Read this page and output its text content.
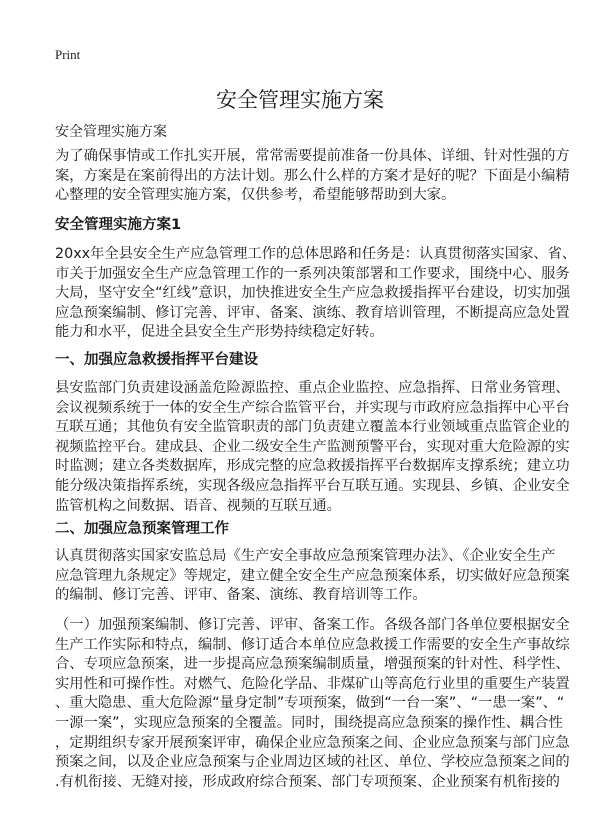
Print
安全管理实施方案
安全管理实施方案
为了确保事情或工作扎实开展，常常需要提前准备一份具体、详细、针对性强的方
案，方案是在案前得出的方法计划。那么什么样的方案才是好的呢？下面是小编精
心整理的安全管理实施方案，仅供参考，希望能够帮助到大家。
安全管理实施方案1
20xx年全县安全生产应急管理工作的总体思路和任务是：认真贯彻落实国家、省、
市关于加强安全生产应急管理工作的一系列决策部署和工作要求，围绕中心、服务
大局，坚守安全“红线”意识，加快推进安全生产应急救援指挥平台建设，切实加强
应急预案编制、修订完善、评审、备案、演练、教育培训管理，不断提高应急处置
能力和水平，促进全县安全生产形势持续稳定好转。
一、加强应急救援指挥平台建设
县安监部门负责建设涵盖危险源监控、重点企业监控、应急指挥、日常业务管理、
会议视频系统于一体的安全生产综合监管平台，并实现与市政府应急指挥中心平台
互联互通；其他负有安全监管职责的部门负责建立覆盖本行业领域重点监管企业的
视频监控平台。建成县、企业二级安全生产监测预警平台，实现对重大危险源的实
时监测；建立各类数据库，形成完整的应急救援指挥平台数据库支撑系统；建立功
能分级决策指挥系统，实现各级应急指挥平台互联互通。实现县、乡镇、企业安全
监管机构之间数据、语音、视频的互联互通。
二、加强应急预案管理工作
认真贯彻落实国家安监总局《生产安全事故应急预案管理办法》、《企业安全生产
应急管理九条规定》等规定，建立健全安全生产应急预案体系，切实做好应急预案
的编制、修订完善、评审、备案、演练、教育培训等工作。
（一）加强预案编制、修订完善、评审、备案工作。各级各部门各单位要根据安全
生产工作实际和特点，编制、修订适合本单位应急救援工作需要的安全生产事故综
合、专项应急预案，进一步提高应急预案编制质量，增强预案的针对性、科学性、
实用性和可操作性。对燃气、危险化学品、非煤矿山等高危行业里的重要生产装置
、重大隐患、重大危险源“量身定制”专项预案，做到“一台一案”、“一患一案”、“
一源一案”，实现应急预案的全覆盖。同时，围绕提高应急预案的操作性、耦合性
，定期组织专家开展预案评审，确保企业应急预案之间、企业应急预案与部门应急
预案之间，以及企业应急预案与企业周边区域的社区、单位、学校应急预案之间的
.有机衔接、无缝对接，形成政府综合预案、部门专项预案、企业预案有机衔接的
